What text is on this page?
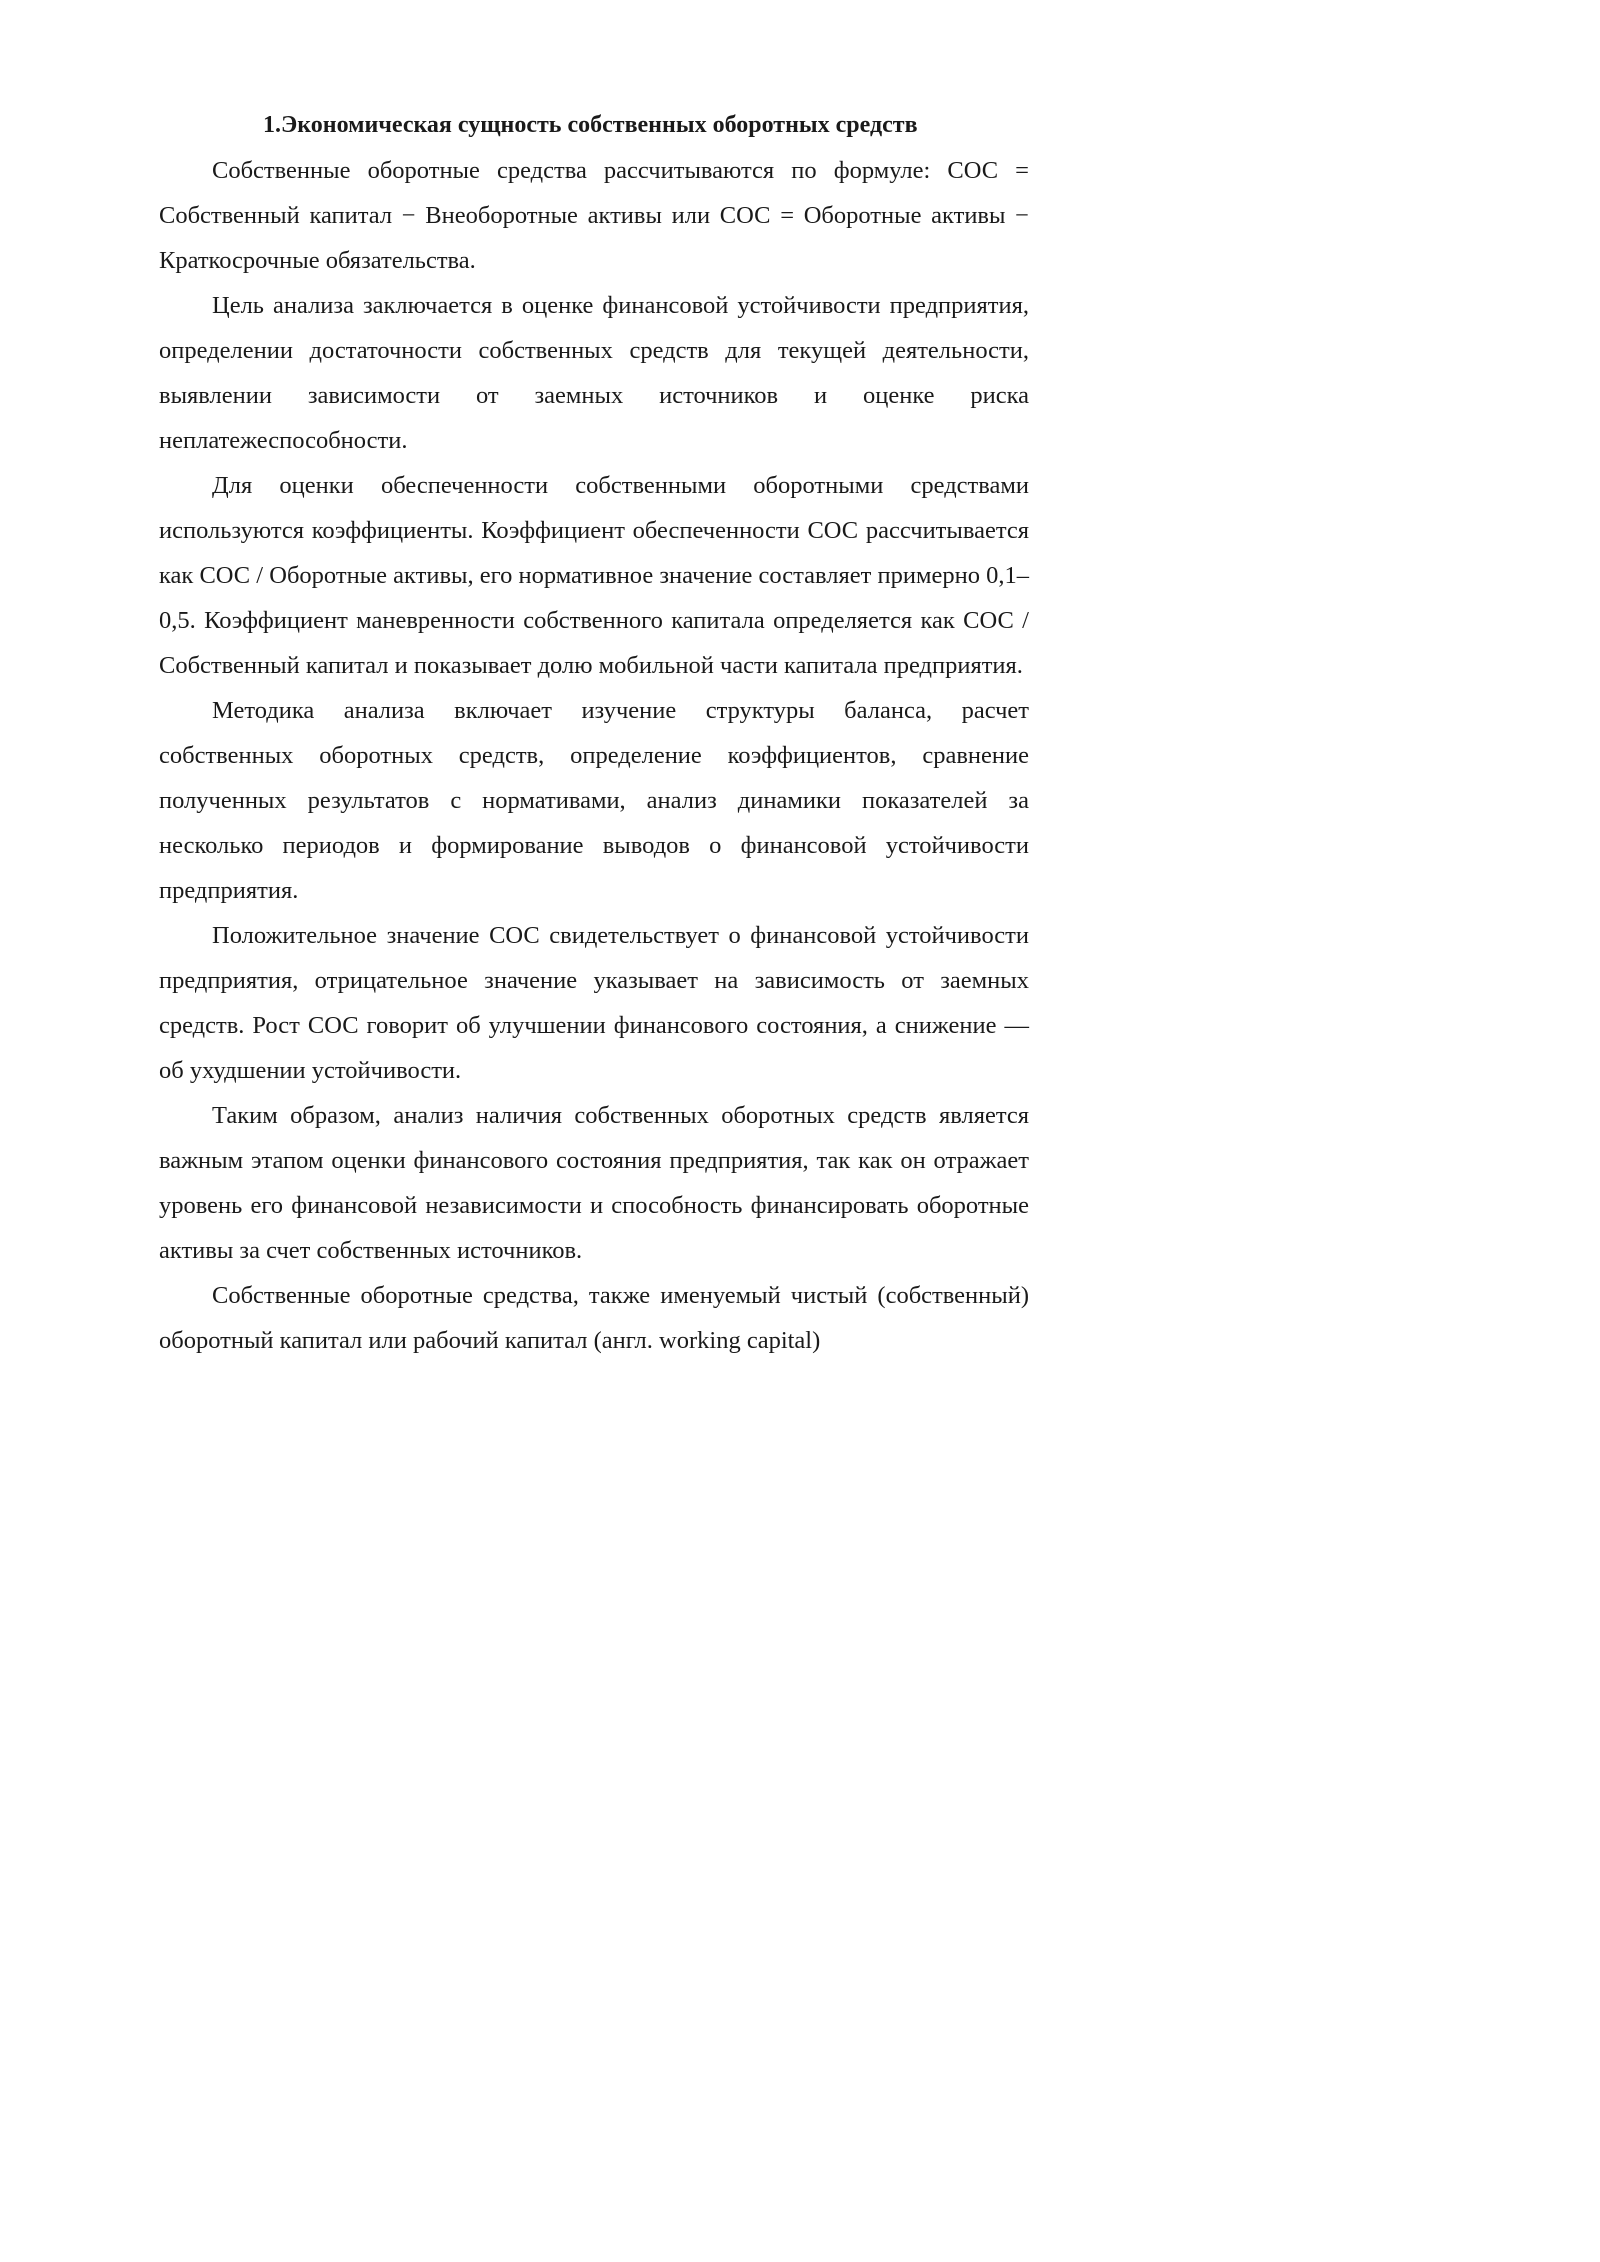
1.Экономическая сущность собственных оборотных средств

Собственные оборотные средства рассчитываются по формуле: СОС = Собственный капитал − Внеоборотные активы или СОС = Оборотные активы − Краткосрочные обязательства.

Цель анализа заключается в оценке финансовой устойчивости предприятия, определении достаточности собственных средств для текущей деятельности, выявлении зависимости от заемных источников и оценке риска неплатежеспособности.

Для оценки обеспеченности собственными оборотными средствами используются коэффициенты. Коэффициент обеспеченности СОС рассчитывается как СОС / Оборотные активы, его нормативное значение составляет примерно 0,1–0,5. Коэффициент маневренности собственного капитала определяется как СОС / Собственный капитал и показывает долю мобильной части капитала предприятия.

Методика анализа включает изучение структуры баланса, расчет собственных оборотных средств, определение коэффициентов, сравнение полученных результатов с нормативами, анализ динамики показателей за несколько периодов и формирование выводов о финансовой устойчивости предприятия.

Положительное значение СОС свидетельствует о финансовой устойчивости предприятия, отрицательное значение указывает на зависимость от заемных средств. Рост СОС говорит об улучшении финансового состояния, а снижение — об ухудшении устойчивости.

Таким образом, анализ наличия собственных оборотных средств является важным этапом оценки финансового состояния предприятия, так как он отражает уровень его финансовой независимости и способность финансировать оборотные активы за счет собственных источников.

Собственные оборотные средства, также именуемый чистый (собственный) оборотный капитал или рабочий капитал (англ. working capital)
